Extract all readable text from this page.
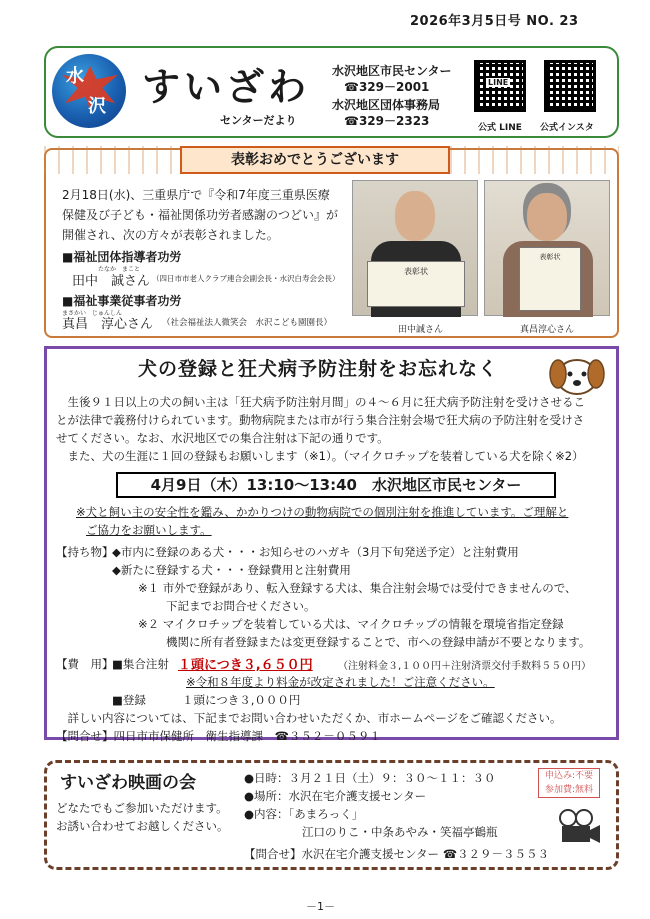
2026年3月5日号 NO. 23
水
沢 すいざわ
センターだより
水沢地区市民センター
☎329－2001
水沢地区団体事務局
☎329－2323
LINE
公式 LINE 公式インスタ
表彰おめでとうございます
2月18日(水)、三重県庁で『令和7年度三重県医療
保健及び子ども・福祉関係功労者感謝のつどい』が
開催され、次の方々が表彰されました。
■福祉団体指導者功労
たなか　まこと
田中　誠さん （四日市市老人クラブ連合会副会長・水沢白寿会会長）
■福祉事業従事者功労
まさかい　じゅんしん
真昌　淳心さん （社会福祉法人微笑会　水沢こども園園長）
表彰状
田中誠さん
表彰状
真昌淳心さん
犬の登録と狂犬病予防注射をお忘れなく
　生後９１日以上の犬の飼い主は「狂犬病予防注射月間」の４～６月に狂犬病予防注射を受けさせるこ
とが法律で義務付けられています。動物病院または市が行う集合注射会場で狂犬病の予防注射を受けさ
せてください。なお、水沢地区での集合注射は下記の通りです。
　また、犬の生涯に１回の登録もお願いします（※1）。（マイクロチップを装着している犬を除く※2）
4月9日（木）13:10～13:40　水沢地区市民センター
※犬と飼い主の安全性を鑑み、かかりつけの動物病院での個別注射を推進しています。ご理解と
ご協力をお願いします。
【持ち物】
◆市内に登録のある犬・・・お知らせのハガキ（3月下旬発送予定）と注射費用
◆新たに登録する犬・・・登録費用と注射費用
※１ 市外で登録があり、転入登録する犬は、集合注射会場では受付できませんので、
下記までお問合せください。
※２ マイクロチップを装着している犬は、マイクロチップの情報を環境省指定登録
機関に所有者登録または変更登録することで、市への登録申請が不要となります。
【費　用】
■集合注射 １頭につき３,６５０円	（注射料金３,１００円＋注射済票交付手数料５５０円）
※令和８年度より料金が改定されました！ご注意ください。
■登録	１頭につき３,０００円
　詳しい内容については、下記までお問い合わせいただくか、市ホームページをご確認ください。
【問合せ】四日市市保健所　衛生指導課　☎３５２－０５９１
すいざわ映画の会
どなたでもご参加いただけます。
お誘い合わせてお越しください。
●日時：３月２１日（土）９：３０～１１：３０
●場所：水沢在宅介護支援センター
●内容：「あまろっく」
江口のりこ・中条あやみ・笑福亭鶴瓶
【問合せ】水沢在宅介護支援センター ☎３２９－３５５３
申込み:不要
参加費:無料
－1－
